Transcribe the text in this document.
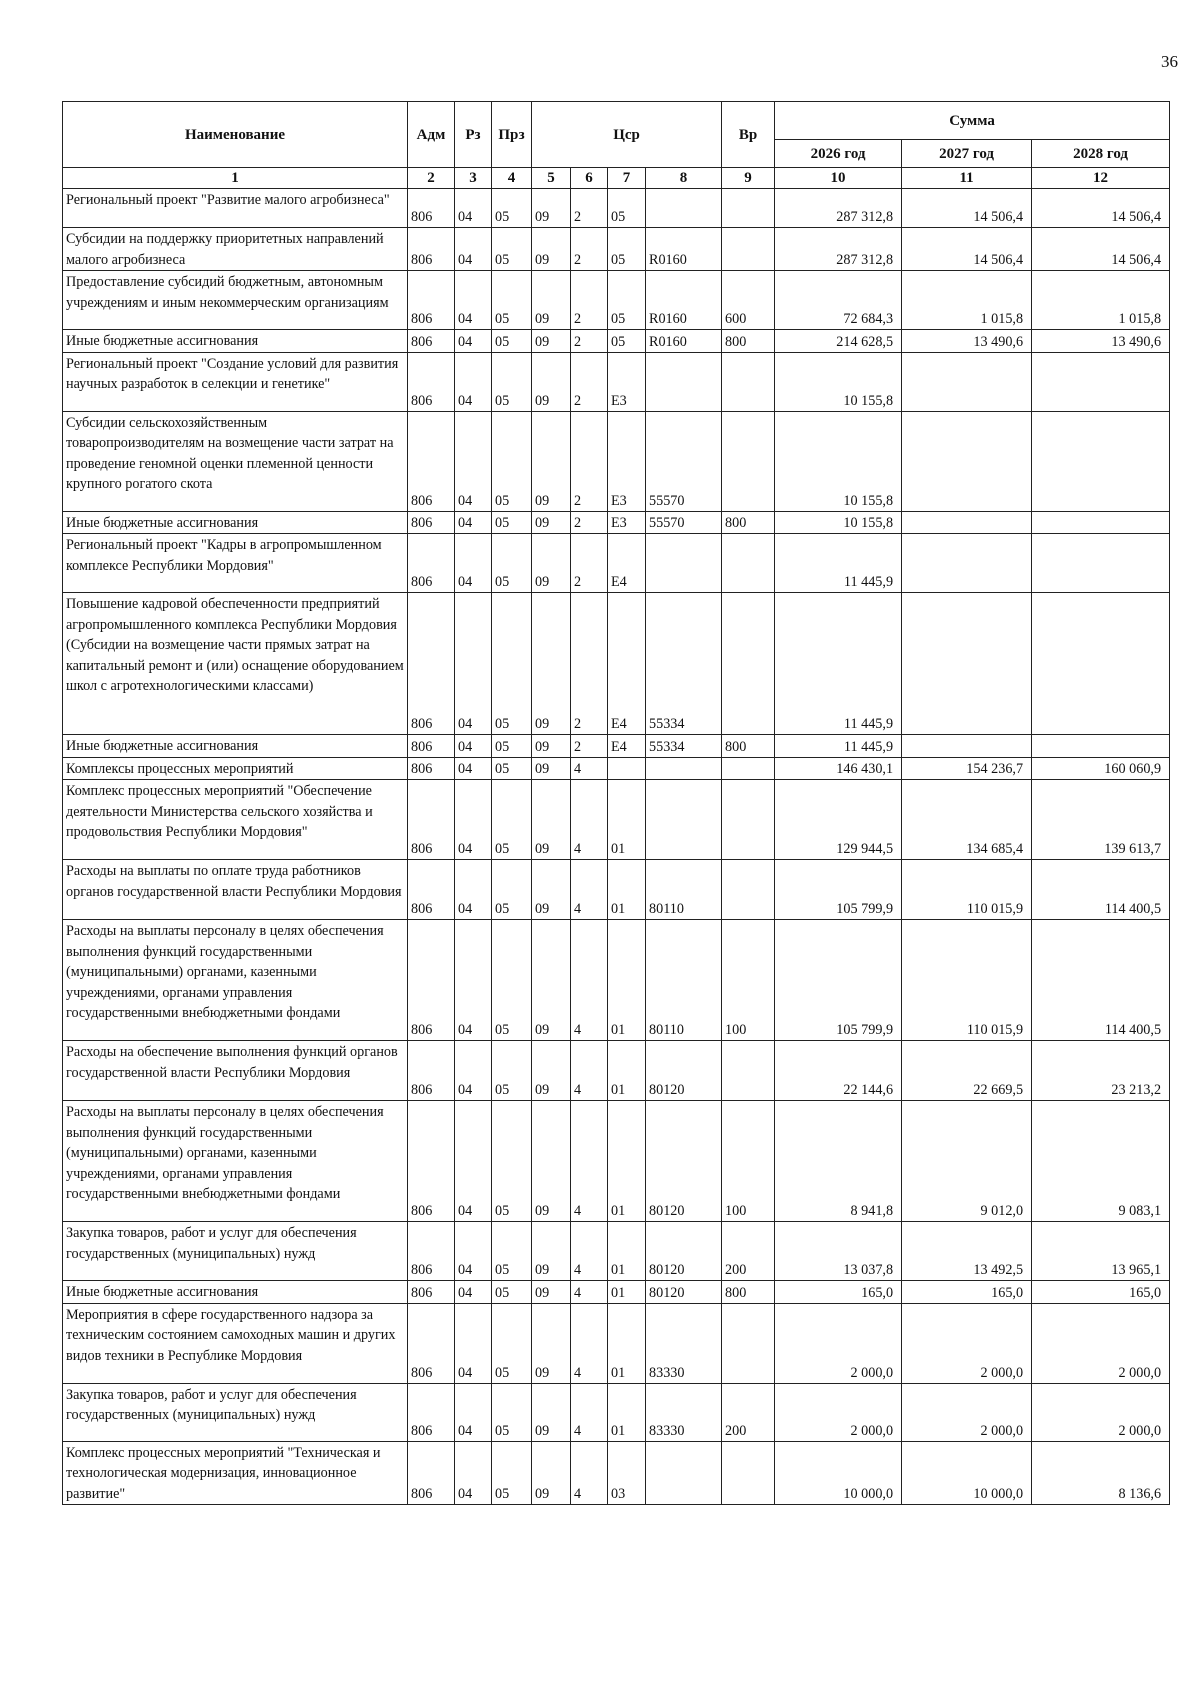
36
Наименование	Адм	Рз	Прз	Цср				Вр	Сумма		
									2026 год	2027 год	2028 год
1	2	3	4	5	6	7	8	9	10	11	12
Региональный проект "Развитие малого агробизнеса"	806	04	05	09	2	05			287 312,8	14 506,4	14 506,4
Субсидии на поддержку приоритетных направлений малого агробизнеса	806	04	05	09	2	05	R0160		287 312,8	14 506,4	14 506,4
Предоставление субсидий бюджетным, автономным учреждениям и иным некоммерческим организациям	806	04	05	09	2	05	R0160	600	72 684,3	1 015,8	1 015,8
Иные бюджетные ассигнования	806	04	05	09	2	05	R0160	800	214 628,5	13 490,6	13 490,6
Региональный проект "Создание условий для развития научных разработок в селекции и генетике"	806	04	05	09	2	Е3			10 155,8		
Субсидии сельскохозяйственным товаропроизводителям на возмещение части затрат на проведение геномной оценки племенной ценности крупного рогатого скота	806	04	05	09	2	Е3	55570		10 155,8		
Иные бюджетные ассигнования	806	04	05	09	2	Е3	55570	800	10 155,8		
Региональный проект "Кадры в агропромышленном комплексе Республики Мордовия"	806	04	05	09	2	Е4			11 445,9		
Повышение кадровой обеспеченности предприятий агропромышленного комплекса Республики Мордовия (Субсидии на возмещение части прямых затрат на капитальный ремонт и (или) оснащение оборудованием школ с агротехнологическими классами)	806	04	05	09	2	Е4	55334		11 445,9		
Иные бюджетные ассигнования	806	04	05	09	2	Е4	55334	800	11 445,9		
Комплексы процессных мероприятий	806	04	05	09	4				146 430,1	154 236,7	160 060,9
Комплекс процессных мероприятий "Обеспечение деятельности Министерства сельского хозяйства и продовольствия Республики Мордовия"	806	04	05	09	4	01			129 944,5	134 685,4	139 613,7
Расходы на выплаты по оплате труда работников органов государственной власти Республики Мордовия	806	04	05	09	4	01	80110		105 799,9	110 015,9	114 400,5
Расходы на выплаты персоналу в целях обеспечения выполнения функций государственными (муниципальными) органами, казенными учреждениями, органами управления государственными внебюджетными фондами	806	04	05	09	4	01	80110	100	105 799,9	110 015,9	114 400,5
Расходы на обеспечение выполнения функций органов государственной власти Республики Мордовия	806	04	05	09	4	01	80120		22 144,6	22 669,5	23 213,2
Расходы на выплаты персоналу в целях обеспечения выполнения функций государственными (муниципальными) органами, казенными учреждениями, органами управления государственными внебюджетными фондами	806	04	05	09	4	01	80120	100	8 941,8	9 012,0	9 083,1
Закупка товаров, работ и услуг для обеспечения государственных (муниципальных) нужд	806	04	05	09	4	01	80120	200	13 037,8	13 492,5	13 965,1
Иные бюджетные ассигнования	806	04	05	09	4	01	80120	800	165,0	165,0	165,0
Мероприятия в сфере государственного надзора за техническим состоянием самоходных машин и других видов техники в Республике Мордовия	806	04	05	09	4	01	83330		2 000,0	2 000,0	2 000,0
Закупка товаров, работ и услуг для обеспечения государственных (муниципальных) нужд	806	04	05	09	4	01	83330	200	2 000,0	2 000,0	2 000,0
Комплекс процессных мероприятий "Техническая и технологическая модернизация, инновационное развитие"	806	04	05	09	4	03			10 000,0	10 000,0	8 136,6
